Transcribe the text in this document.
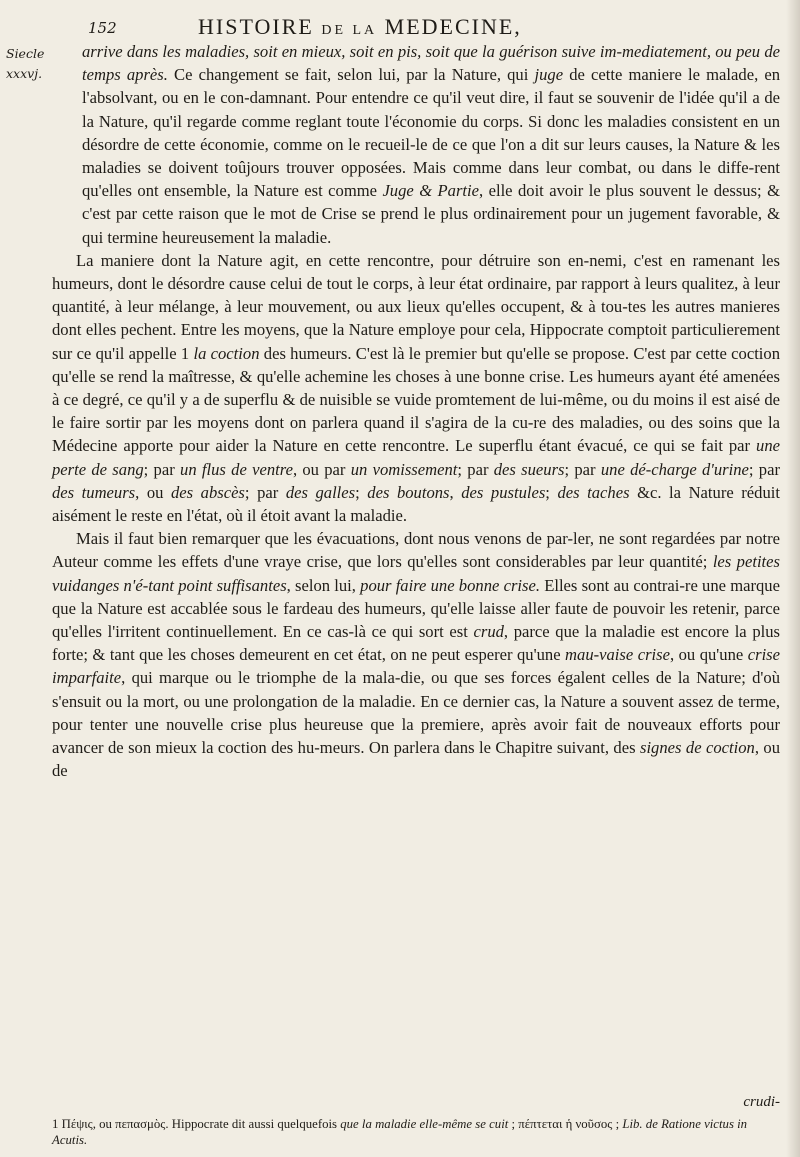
152	HISTOIRE DE LA MEDECINE,
Siecle
xxxvj.

arrive dans les maladies, soit en mieux, soit en pis, soit que la guérison suive im-mediatement, ou peu de temps après. Ce changement se fait, selon lui, par la Nature, qui juge de cette maniere le malade, en l'absolvant, ou en le con-damnant. Pour entendre ce qu'il veut dire, il faut se souvenir de l'idée qu'il a de la Nature, qu'il regarde comme reglant toute l'économie du corps. Si donc les maladies consistent en un désordre de cette économie, comme on le recueil-le de ce que l'on a dit sur leurs causes, la Nature & les maladies se doivent toûjours trouver opposées. Mais comme dans leur combat, ou dans le diffe-rent qu'elles ont ensemble, la Nature est comme Juge & Partie, elle doit avoir le plus souvent le dessus; & c'est par cette raison que le mot de Crise se prend le plus ordinairement pour un jugement favorable, & qui termine heureusement la maladie.

La maniere dont la Nature agit, en cette rencontre, pour détruire son en-nemi, c'est en ramenant les humeurs, dont le désordre cause celui de tout le corps, à leur état ordinaire, par rapport à leurs qualitez, à leur quantité, à leur mélange, à leur mouvement, ou aux lieux qu'elles occupent, & à tou-tes les autres manieres dont elles pechent. Entre les moyens, que la Nature employe pour cela, Hippocrate comptoit particulierement sur ce qu'il appelle 1 la coction des humeurs. C'est là le premier but qu'elle se propose. C'est par cette coction qu'elle se rend la maîtresse, & qu'elle achemine les choses à une bonne crise. Les humeurs ayant été amenées à ce degré, ce qu'il y a de superflu & de nuisible se vuide promtement de lui-même, ou du moins il est aisé de le faire sortir par les moyens dont on parlera quand il s'agira de la cu-re des maladies, ou des soins que la Médecine apporte pour aider la Nature en cette rencontre. Le superflu étant évacué, ce qui se fait par une perte de sang; par un flus de ventre, ou par un vomissement; par des sueurs; par une dé-charge d'urine; par des tumeurs, ou des abscès; par des galles; des boutons, des pustules; des taches &c. la Nature réduit aisément le reste en l'état, où il étoit avant la maladie.

Mais il faut bien remarquer que les évacuations, dont nous venons de par-ler, ne sont regardées par notre Auteur comme les effets d'une vraye crise, que lors qu'elles sont considerables par leur quantité; les petites vuidanges n'é-tant point suffisantes, selon lui, pour faire une bonne crise. Elles sont au contrai-re une marque que la Nature est accablée sous le fardeau des humeurs, qu'elle laisse aller faute de pouvoir les retenir, parce qu'elles l'irritent continuellement. En ce cas-là ce qui sort est crud, parce que la maladie est encore la plus forte; & tant que les choses demeurent en cet état, on ne peut esperer qu'une mau-vaise crise, ou qu'une crise imparfaite, qui marque ou le triomphe de la mala-die, ou que ses forces égalent celles de la Nature; d'où s'ensuit ou la mort, ou une prolongation de la maladie. En ce dernier cas, la Nature a souvent assez de terme, pour tenter une nouvelle crise plus heureuse que la premiere, après avoir fait de nouveaux efforts pour avancer de son mieux la coction des hu-meurs. On parlera dans le Chapitre suivant, des signes de coction, ou de

crudi-
1 Πέψις, ou πεπασμὸς. Hippocrate dit aussi quelquefois que la maladie elle-même se cuit ; πέπτεται ἡ νοῦσος ; Lib. de Ratione victus in Acutis.
